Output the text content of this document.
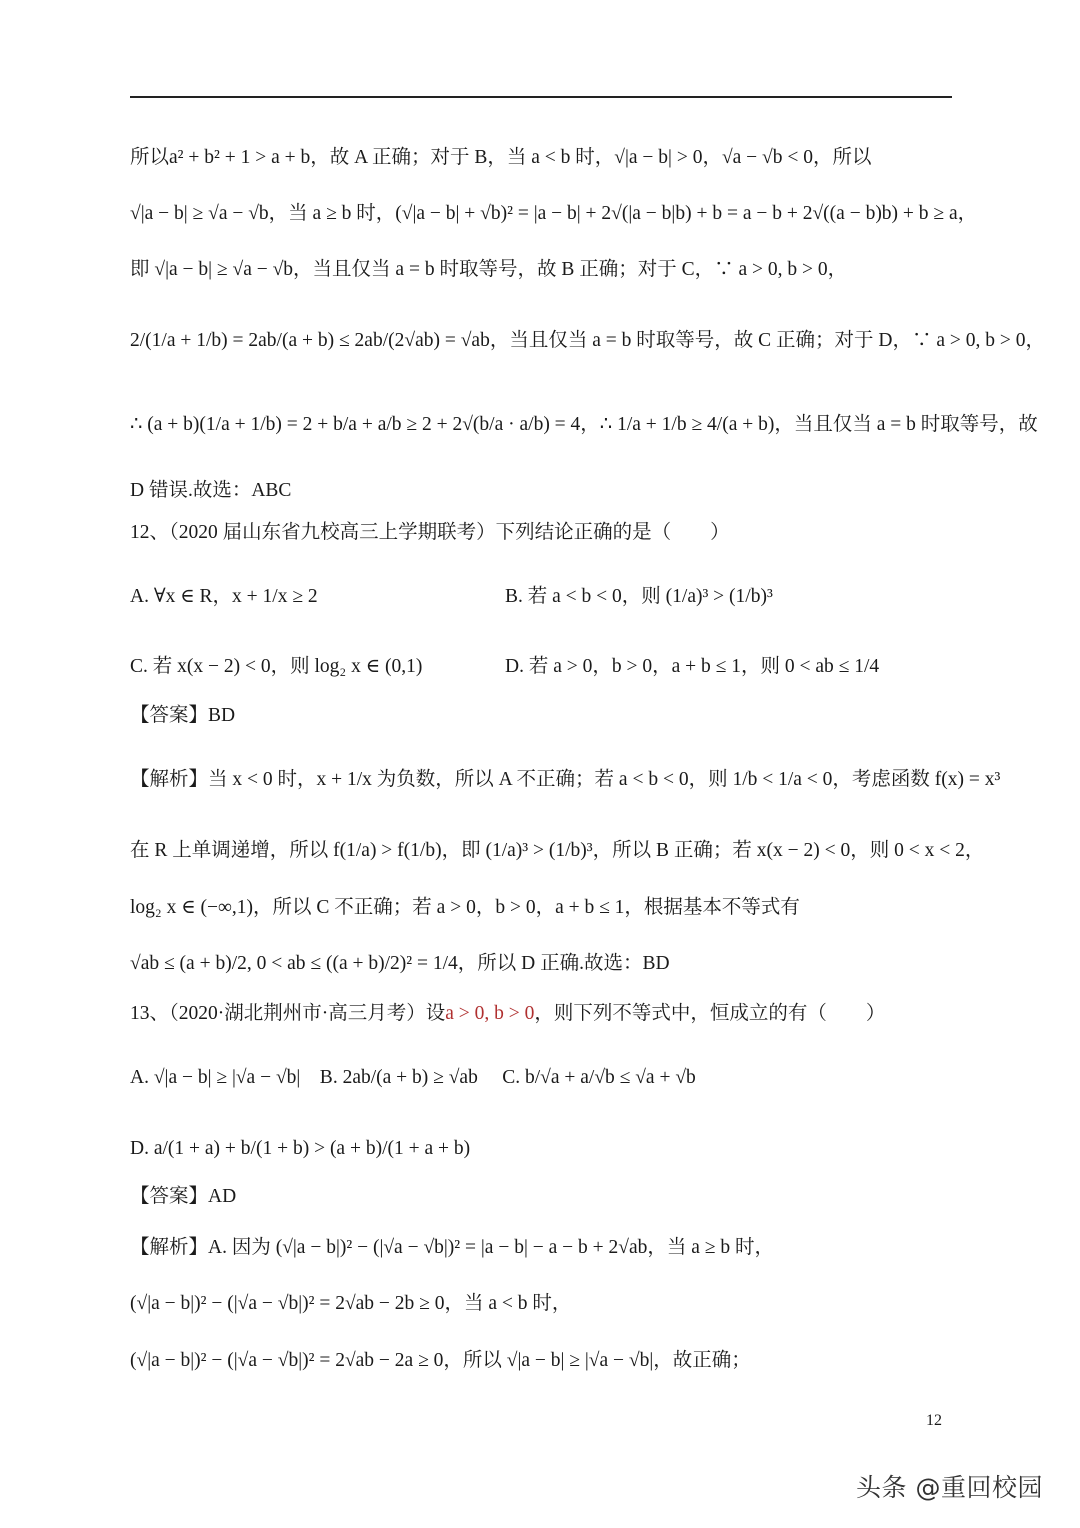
所以a² + b² + 1 > a + b，故 A 正确；对于 B，当 a < b 时，√|a − b| > 0，√a − √b < 0，所以
√|a − b| ≥ √a − √b，当 a ≥ b 时，(√|a − b| + √b)² = |a − b| + 2√(|a − b|b) + b = a − b + 2√((a − b)b) + b ≥ a，
即 √|a − b| ≥ √a − √b，当且仅当 a = b 时取等号，故 B 正确；对于 C，∵ a > 0, b > 0，
2/(1/a + 1/b) = 2ab/(a + b) ≤ 2ab/(2√ab) = √ab，当且仅当 a = b 时取等号，故 C 正确；对于 D，∵ a > 0, b > 0，
∴ (a + b)(1/a + 1/b) = 2 + b/a + a/b ≥ 2 + 2√(b/a · a/b) = 4，∴ 1/a + 1/b ≥ 4/(a + b)，当且仅当 a = b 时取等号，故
D 错误.故选：ABC
12、（2020 届山东省九校高三上学期联考）下列结论正确的是（　　）
A. ∀x ∈ R，x + 1/x ≥ 2	B. 若 a < b < 0，则 (1/a)³ > (1/b)³
C. 若 x(x − 2) < 0，则 log₂ x ∈ (0,1)	D. 若 a > 0，b > 0，a + b ≤ 1，则 0 < ab ≤ 1/4
【答案】BD
【解析】当 x < 0 时，x + 1/x 为负数，所以 A 不正确；若 a < b < 0，则 1/b < 1/a < 0，考虑函数 f(x) = x³
在 R 上单调递增，所以 f(1/a) > f(1/b)，即 (1/a)³ > (1/b)³，所以 B 正确；若 x(x − 2) < 0，则 0 < x < 2，
log₂ x ∈ (−∞,1)，所以 C 不正确；若 a > 0，b > 0，a + b ≤ 1，根据基本不等式有
√ab ≤ (a + b)/2, 0 < ab ≤ ((a + b)/2)² = 1/4，所以 D 正确.故选：BD
13、（2020·湖北荆州市·高三月考）设a > 0, b > 0，则下列不等式中，恒成立的有（　　）
A. √|a − b| ≥ |√a − √b|　B. 2ab/(a + b) ≥ √ab　 C. b/√a + a/√b ≤ √a + √b
D. a/(1 + a) + b/(1 + b) > (a + b)/(1 + a + b)
【答案】AD
【解析】A. 因为 (√|a − b|)² − (|√a − √b|)² = |a − b| − a − b + 2√ab，当 a ≥ b 时，
(√|a − b|)² − (|√a − √b|)² = 2√ab − 2b ≥ 0，当 a < b 时，
(√|a − b|)² − (|√a − √b|)² = 2√ab − 2a ≥ 0，所以 √|a − b| ≥ |√a − √b|，故正确；
12
头条 @重回校园
